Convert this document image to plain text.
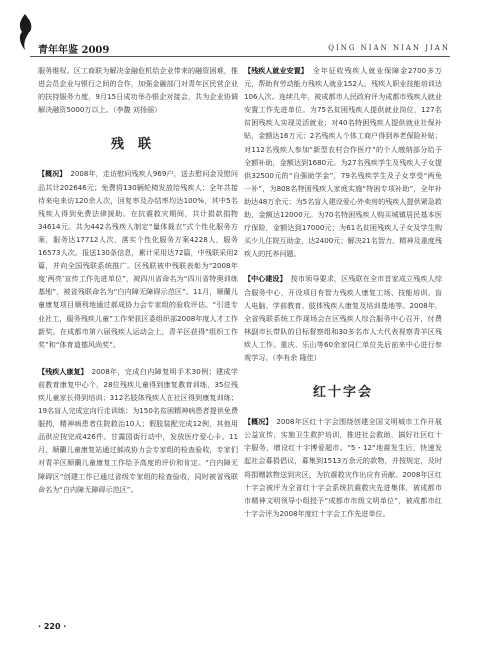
青年年鉴 2009	QING NIAN NIAN JIAN

服务维权。区工商联为解决金融危机给企业带来的融资困难，推进会员企业与银行之间的合作，加强金融部门对青年区民营企业的扶持服务力度，9月15日成功举办银企对接会，共为企业协调解决融资5000万以上。（李馥 刘扬丽）

残联

【概况】 2008年，走访慰问残疾人969户，送去慰问金及慰问品共计202646元；免费将130辆轮椅发放给残疾人；全年共接待来电来访120余人次，回复率及办结率均达100%，其中5名残疾人得到免费法律援助。在抗震救灾期间，共计捐款捐物34614元。共为442名残疾人制定“量体裁衣”式个性化服务方案，服务达17712人次，落实个性化服务方案4228人，服务16573人次。报送130条信息，累计采用达72篇，中残联采用2篇，并向全国残联系统推广。区残联被中残联表彰为“2008年度‘两亮’宣传工作先进单位”，被四川省命名为“四川省特奥训练基地”，被省残联命名为“白内障无障碍示范区”。11月，顺蘭儿童康复项目顺利地通过郝成协力会专家组的验收评估。“引进专业社工，服务残疾儿童”工作荣获区委组织部2008年度人才工作新奖。在成都市第六届残疾人运动会上，青羊区获得“组织工作奖”和“体育道德风尚奖”。

【残疾人康复】 2008年，完成白内障复明手术30例；建成学前教育康复中心个，28位残疾儿童得到康复教育训练，35位残疾儿童家长得到培训；312名肢体残疾人在社区得到康复训练；19名盲人完成定向行走训练；为150名贫困精神病患者提供免费服药，精神病患者住院救治10人；假肢装配完成12例，其他用品供应按完成426件。甘露园街行动中，发放医疗爱心卡。11月，顺蘭儿童康复站通过郝成协力会专家组的检查验收，专家们对青羊区顺蘭儿童康复工作给予高度的评价和肯定。“白内障无障碍区”创建工作已通过省级专家组的检查验收，同时被省残联命名为“白内障无障碍示范区”。

【残疾人就业安置】 全年征收残疾人就业保障金2700多万元，帮助有劳动能力残疾人就业152人，残疾人职业技能培训达106人次。连续几年，被成都市人民政府评为成都市残疾人就业安置工作先进单位。为75名贫困残疾人提供就业岗位，127名贫困残疾人实现灵活就业；对40名特困残疾人提供就业社保补贴，金额达16万元；2名残疾人个体工商户得到养老保险补贴；对112名残疾人参加“新型农村合作医疗”的个人缴纳部分给予全额补助，金额达到1680元。为27名残疾学生及残疾人子女提供32500元的“自强助学金”，79名残疾学生及子女享受“两免一补”，为808名特困残疾人家庭实施“特困专项补助”，全年补助达48万余元；为5名盲人建设爱心外卖房的残疾人提供紧急救助，金额达12000元。为70名特困残疾人购买城镇居民基本医疗保险，金额达到17000元；为61名贫困残疾人子女及学生购买少儿住院互助金，达2400元；解决21名智力、精神及重度残疾人的托养问题。

【中心建设】 按市领导要求，区残联在全市首家成立残疾人综合服务中心，开设项目有智力残疾人康复工场、技能培训、盲人电脑、学前教育、肢体残疾人康复及培训基地等。2008年，全省残联系统工作现场会在区残疾人综合服务中心召开，付费林副市长带队的目标督察组和30多名市人大代表视察青羊区残疾人工作。重庆、乐山等60余家同仁单位先后前来中心进行参观学习。（李有余 隆佳）

红十字会

【概况】 2008年区红十字会围绕创建全国文明城市工作开展公益宣传，实施卫生救护培训，推进社会救助，搞好社区红十字服务，增设红十字博爱超市。“5・12”地震发生后，快速发起社会募捐倡议，募集到1513万余元的款物，并按规定，及时将捐赠款物送到灾区，为抗震救灾作出应有贡献。2008年区红十字会被评为全省红十字会系统抗震救灾先进集体，被成都市市精神文明领导小组授予“成都市市级文明单位”，被成都市红十字会评为2008年度红十字会工作先进单位。

· 220 ·
